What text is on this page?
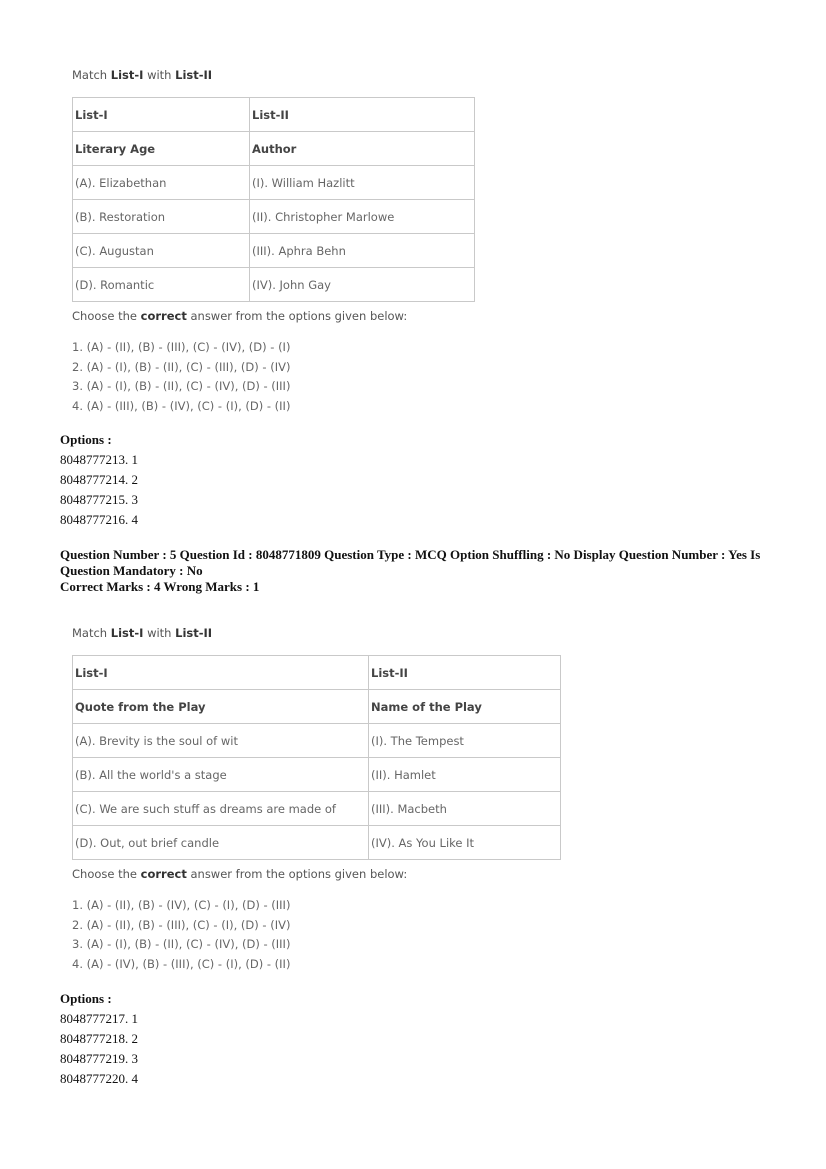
Match List-I with List-II

List-I	List-II
Literary Age	Author
(A). Elizabethan	(I). William Hazlitt
(B). Restoration	(II). Christopher Marlowe
(C). Augustan	(III). Aphra Behn
(D). Romantic	(IV). John Gay

Choose the correct answer from the options given below:

1. (A) - (II), (B) - (III), (C) - (IV), (D) - (I)
2. (A) - (I), (B) - (II), (C) - (III), (D) - (IV)
3. (A) - (I), (B) - (II), (C) - (IV), (D) - (III)
4. (A) - (III), (B) - (IV), (C) - (I), (D) - (II)
Options :
8048777213. 1
8048777214. 2
8048777215. 3
8048777216. 4
Question Number : 5 Question Id : 8048771809 Question Type : MCQ Option Shuffling : No Display Question Number : Yes Is
Question Mandatory : No
Correct Marks : 4 Wrong Marks : 1

Match List-I with List-II

List-I	List-II
Quote from the Play	Name of the Play
(A). Brevity is the soul of wit	(I). The Tempest
(B). All the world's a stage	(II). Hamlet
(C). We are such stuff as dreams are made of	(III). Macbeth
(D). Out, out brief candle	(IV). As You Like It

Choose the correct answer from the options given below:

1. (A) - (II), (B) - (IV), (C) - (I), (D) - (III)
2. (A) - (II), (B) - (III), (C) - (I), (D) - (IV)
3. (A) - (I), (B) - (II), (C) - (IV), (D) - (III)
4. (A) - (IV), (B) - (III), (C) - (I), (D) - (II)
Options :
8048777217. 1
8048777218. 2
8048777219. 3
8048777220. 4
